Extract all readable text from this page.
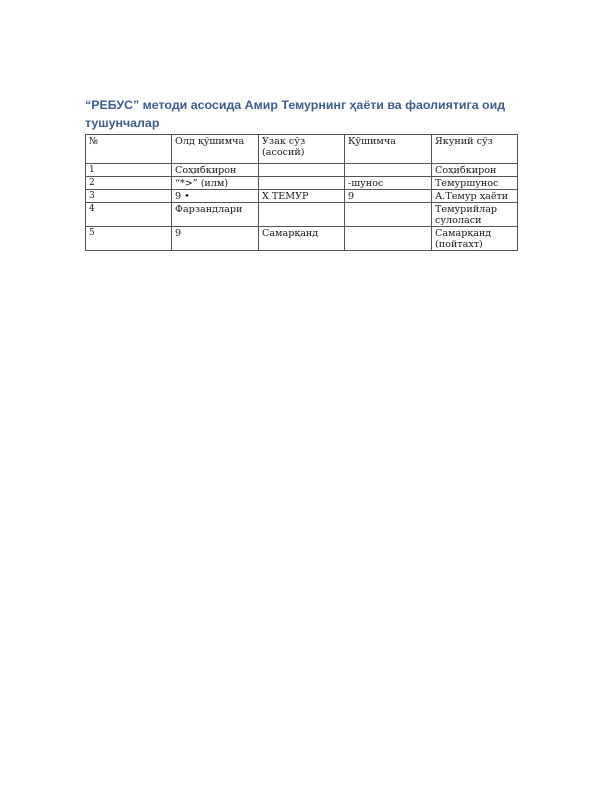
“РЕБУС” методи асосида Амир Темурнинг ҳаёти ва фаолиятига оид тушунчалар

№	Олд қўшимча	Узак сўз (асосий)	Қўшимча	Якуний сўз
1	Соҳибкирон			Соҳибкирон
2	“*>” (илм)		-шунос	Темуршунос
3	9 •	Х ТЕМУР	9	А.Темур ҳаёти
4	Фарзандлари			Темурийлар сулоласи
5	9	Самарқанд		Самарқанд (пойтахт)
